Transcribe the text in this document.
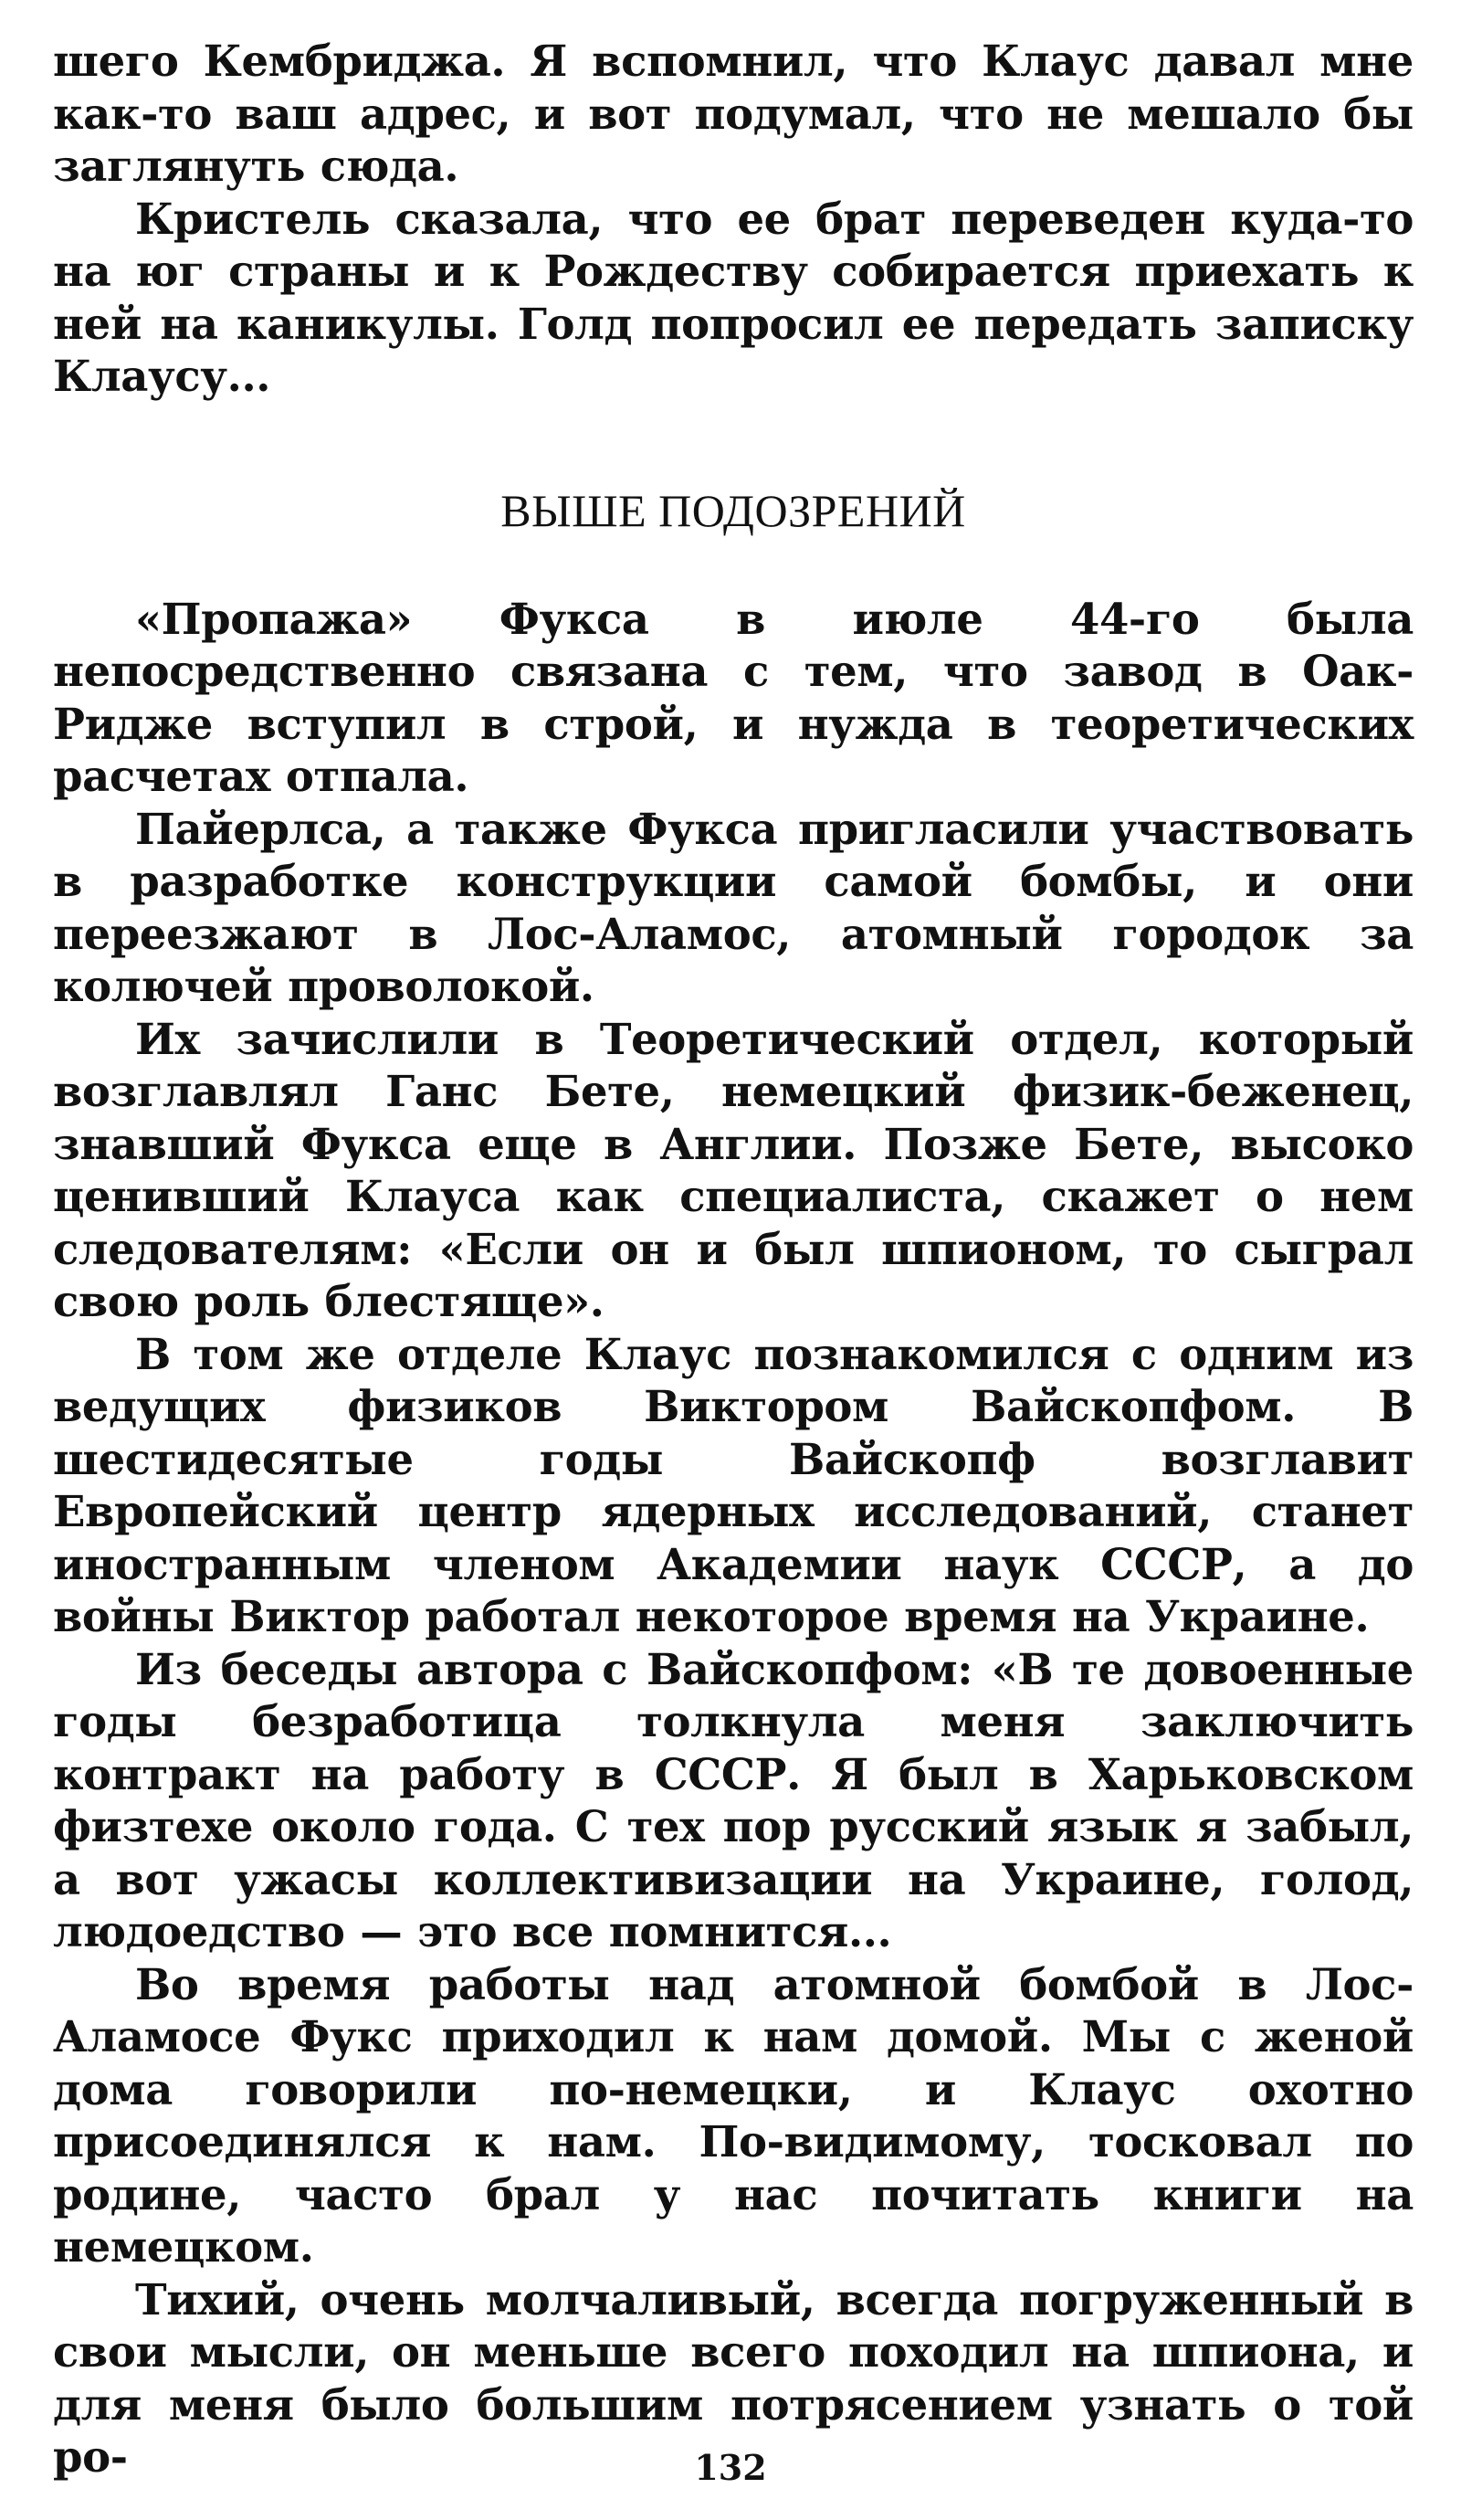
шего Кембриджа. Я вспомнил, что Клаус давал мне как-то ваш адрес, и вот подумал, что не мешало бы заглянуть сюда.

Кристель сказала, что ее брат переведен куда-то на юг страны и к Рождеству собирается приехать к ней на каникулы. Голд попросил ее передать записку Клаусу...

ВЫШЕ ПОДОЗРЕНИЙ

«Пропажа» Фукса в июле 44-го была непосредственно связана с тем, что завод в Оак-Ридже вступил в строй, и нужда в теоретических расчетах отпала.

Пайерлса, а также Фукса пригласили участвовать в разработке конструкции самой бомбы, и они переезжают в Лос-Аламос, атомный городок за колючей проволокой.

Их зачислили в Теоретический отдел, который возглавлял Ганс Бете, немецкий физик-беженец, знавший Фукса еще в Англии. Позже Бете, высоко ценивший Клауса как специалиста, скажет о нем следователям: «Если он и был шпионом, то сыграл свою роль блестяще».

В том же отделе Клаус познакомился с одним из ведущих физиков Виктором Вайскопфом. В шестидесятые годы Вайскопф возглавит Европейский центр ядерных исследований, станет иностранным членом Академии наук СССР, а до войны Виктор работал некоторое время на Украине.

Из беседы автора с Вайскопфом: «В те довоенные годы безработица толкнула меня заключить контракт на работу в СССР. Я был в Харьковском физтехе около года. С тех пор русский язык я забыл, а вот ужасы коллективизации на Украине, голод, людоедство — это все помнится...

Во время работы над атомной бомбой в Лос-Аламосе Фукс приходил к нам домой. Мы с женой дома говорили по-немецки, и Клаус охотно присоединялся к нам. По-видимому, тосковал по родине, часто брал у нас почитать книги на немецком.

Тихий, очень молчаливый, всегда погруженный в свои мысли, он меньше всего походил на шпиона, и для меня было большим потрясением узнать о той ро-	132
